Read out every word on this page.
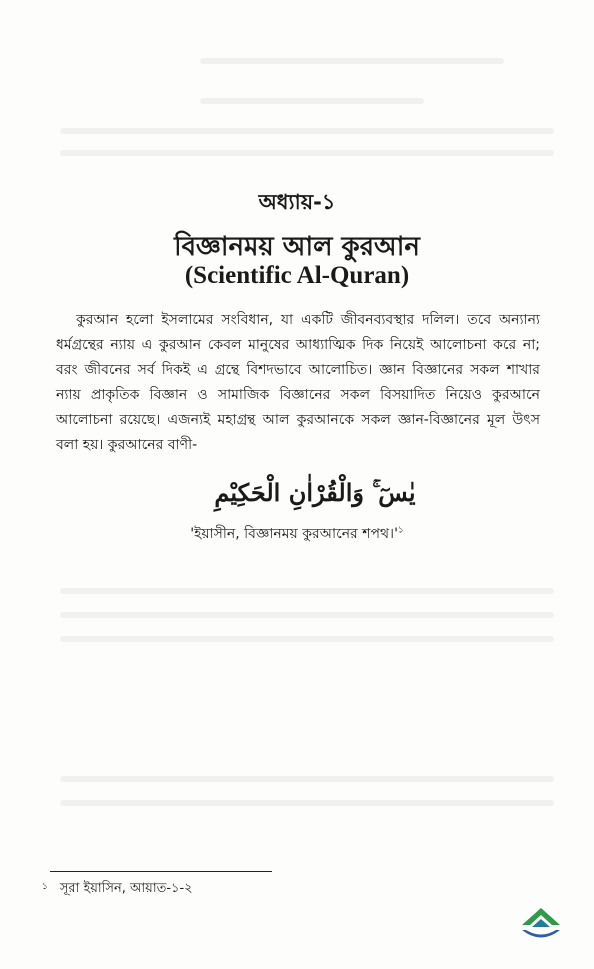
অধ্যায়-১
বিজ্ঞানময় আল কুরআন
(Scientific Al-Quran)
কুরআন হলো ইসলামের সংবিধান, যা একটি জীবনব্যবস্থার দলিল। তবে অন্যান্য ধর্মগ্রন্থের ন্যায় এ কুরআন কেবল মানুষের আধ্যাত্মিক দিক নিয়েই আলোচনা করে না; বরং জীবনের সর্ব দিকই এ গ্রন্থে বিশদভাবে আলোচিত। জ্ঞান বিজ্ঞানের সকল শাখার ন্যায় প্রাকৃতিক বিজ্ঞান ও সামাজিক বিজ্ঞানের সকল বিসয়াদিত নিয়েও কুরআনে আলোচনা রয়েছে। এজন্যই মহাগ্রন্থ আল কুরআনকে সকল জ্ঞান-বিজ্ঞানের মূল উৎস বলা হয়। কুরআনের বাণী-
يٰسٓ ۚ وَالْقُرْاٰنِ الْحَكِيْمِ
'ইয়াসীন, বিজ্ঞানময় কুরআনের $শপথ।'^১$
$^১$ সূরা ইয়াসিন, আয়াত-১-২
